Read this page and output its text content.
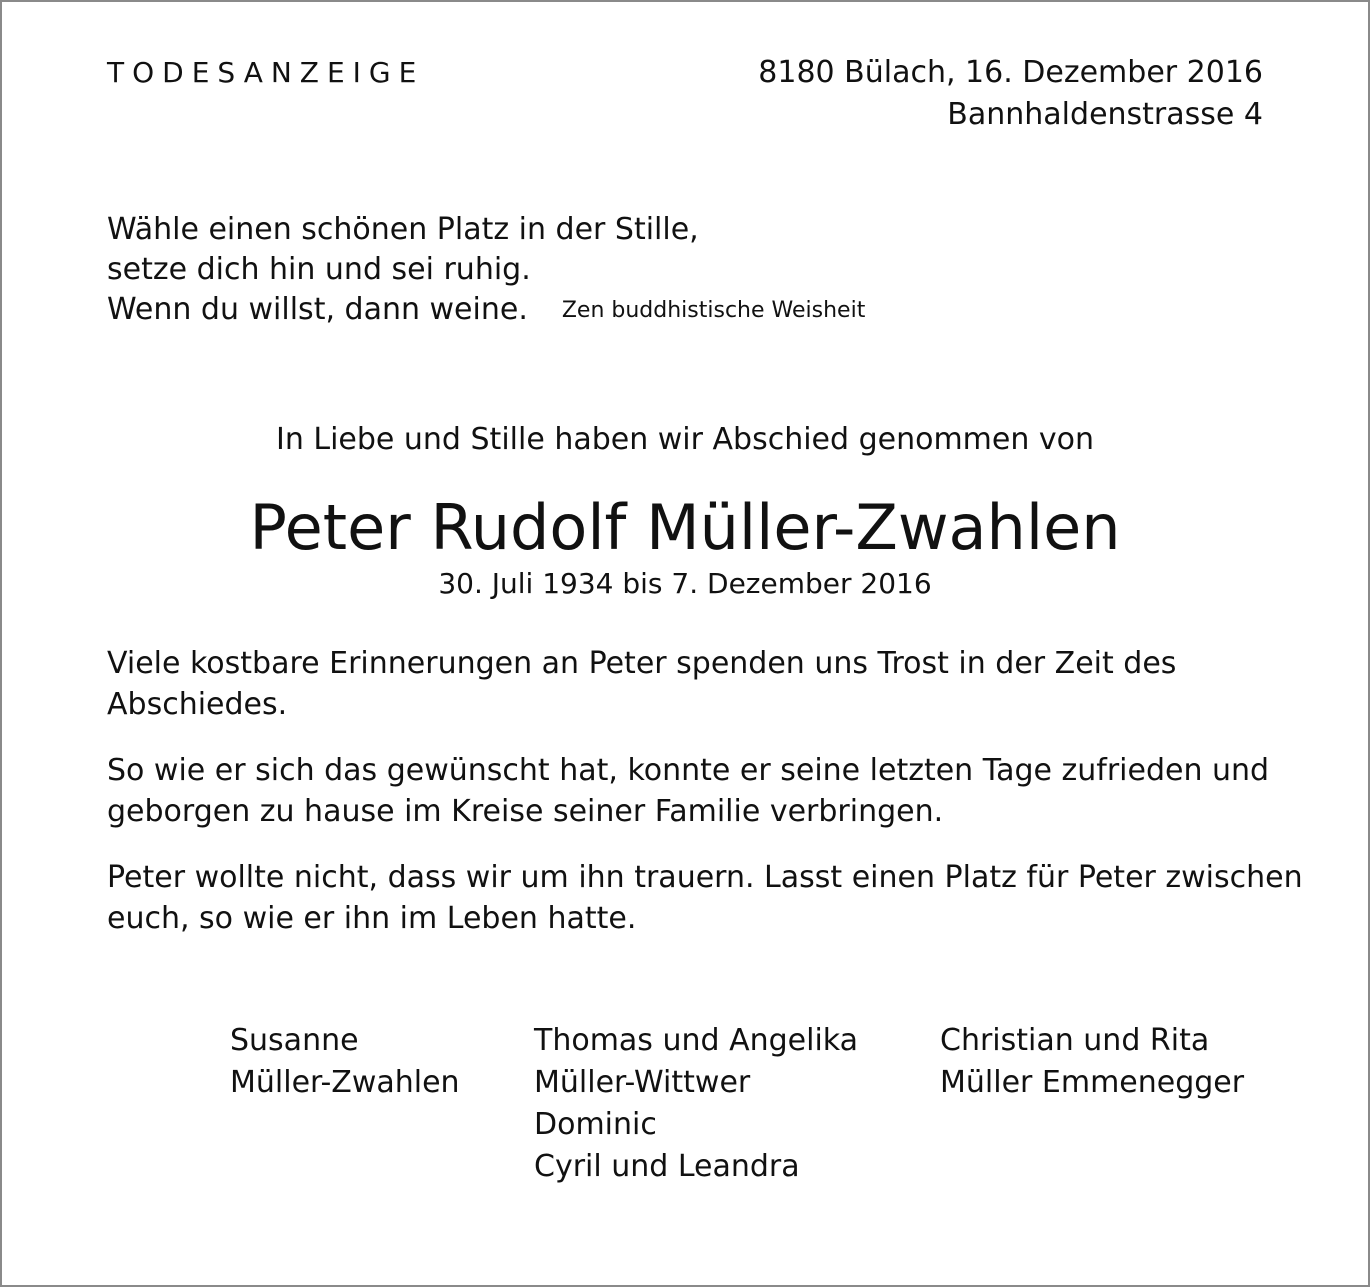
TODESANZEIGE	8180 Bülach, 16. Dezember 2016
Bannhaldenstrasse 4
Wähle einen schönen Platz in der Stille,
setze dich hin und sei ruhig.
Wenn du willst, dann weine. Zen buddhistische Weisheit
In Liebe und Stille haben wir Abschied genommen von
Peter Rudolf Müller-Zwahlen
30. Juli 1934 bis 7. Dezember 2016

Viele kostbare Erinnerungen an Peter spenden uns Trost in der Zeit des Abschiedes.

So wie er sich das gewünscht hat, konnte er seine letzten Tage zufrieden und geborgen zu hause im Kreise seiner Familie verbringen.

Peter wollte nicht, dass wir um ihn trauern. Lasst einen Platz für Peter zwischen euch, so wie er ihn im Leben hatte.

Susanne
Müller-Zwahlen
Thomas und Angelika
Müller-Wittwer
Dominic
Cyril und Leandra
Christian und Rita
Müller Emmenegger
